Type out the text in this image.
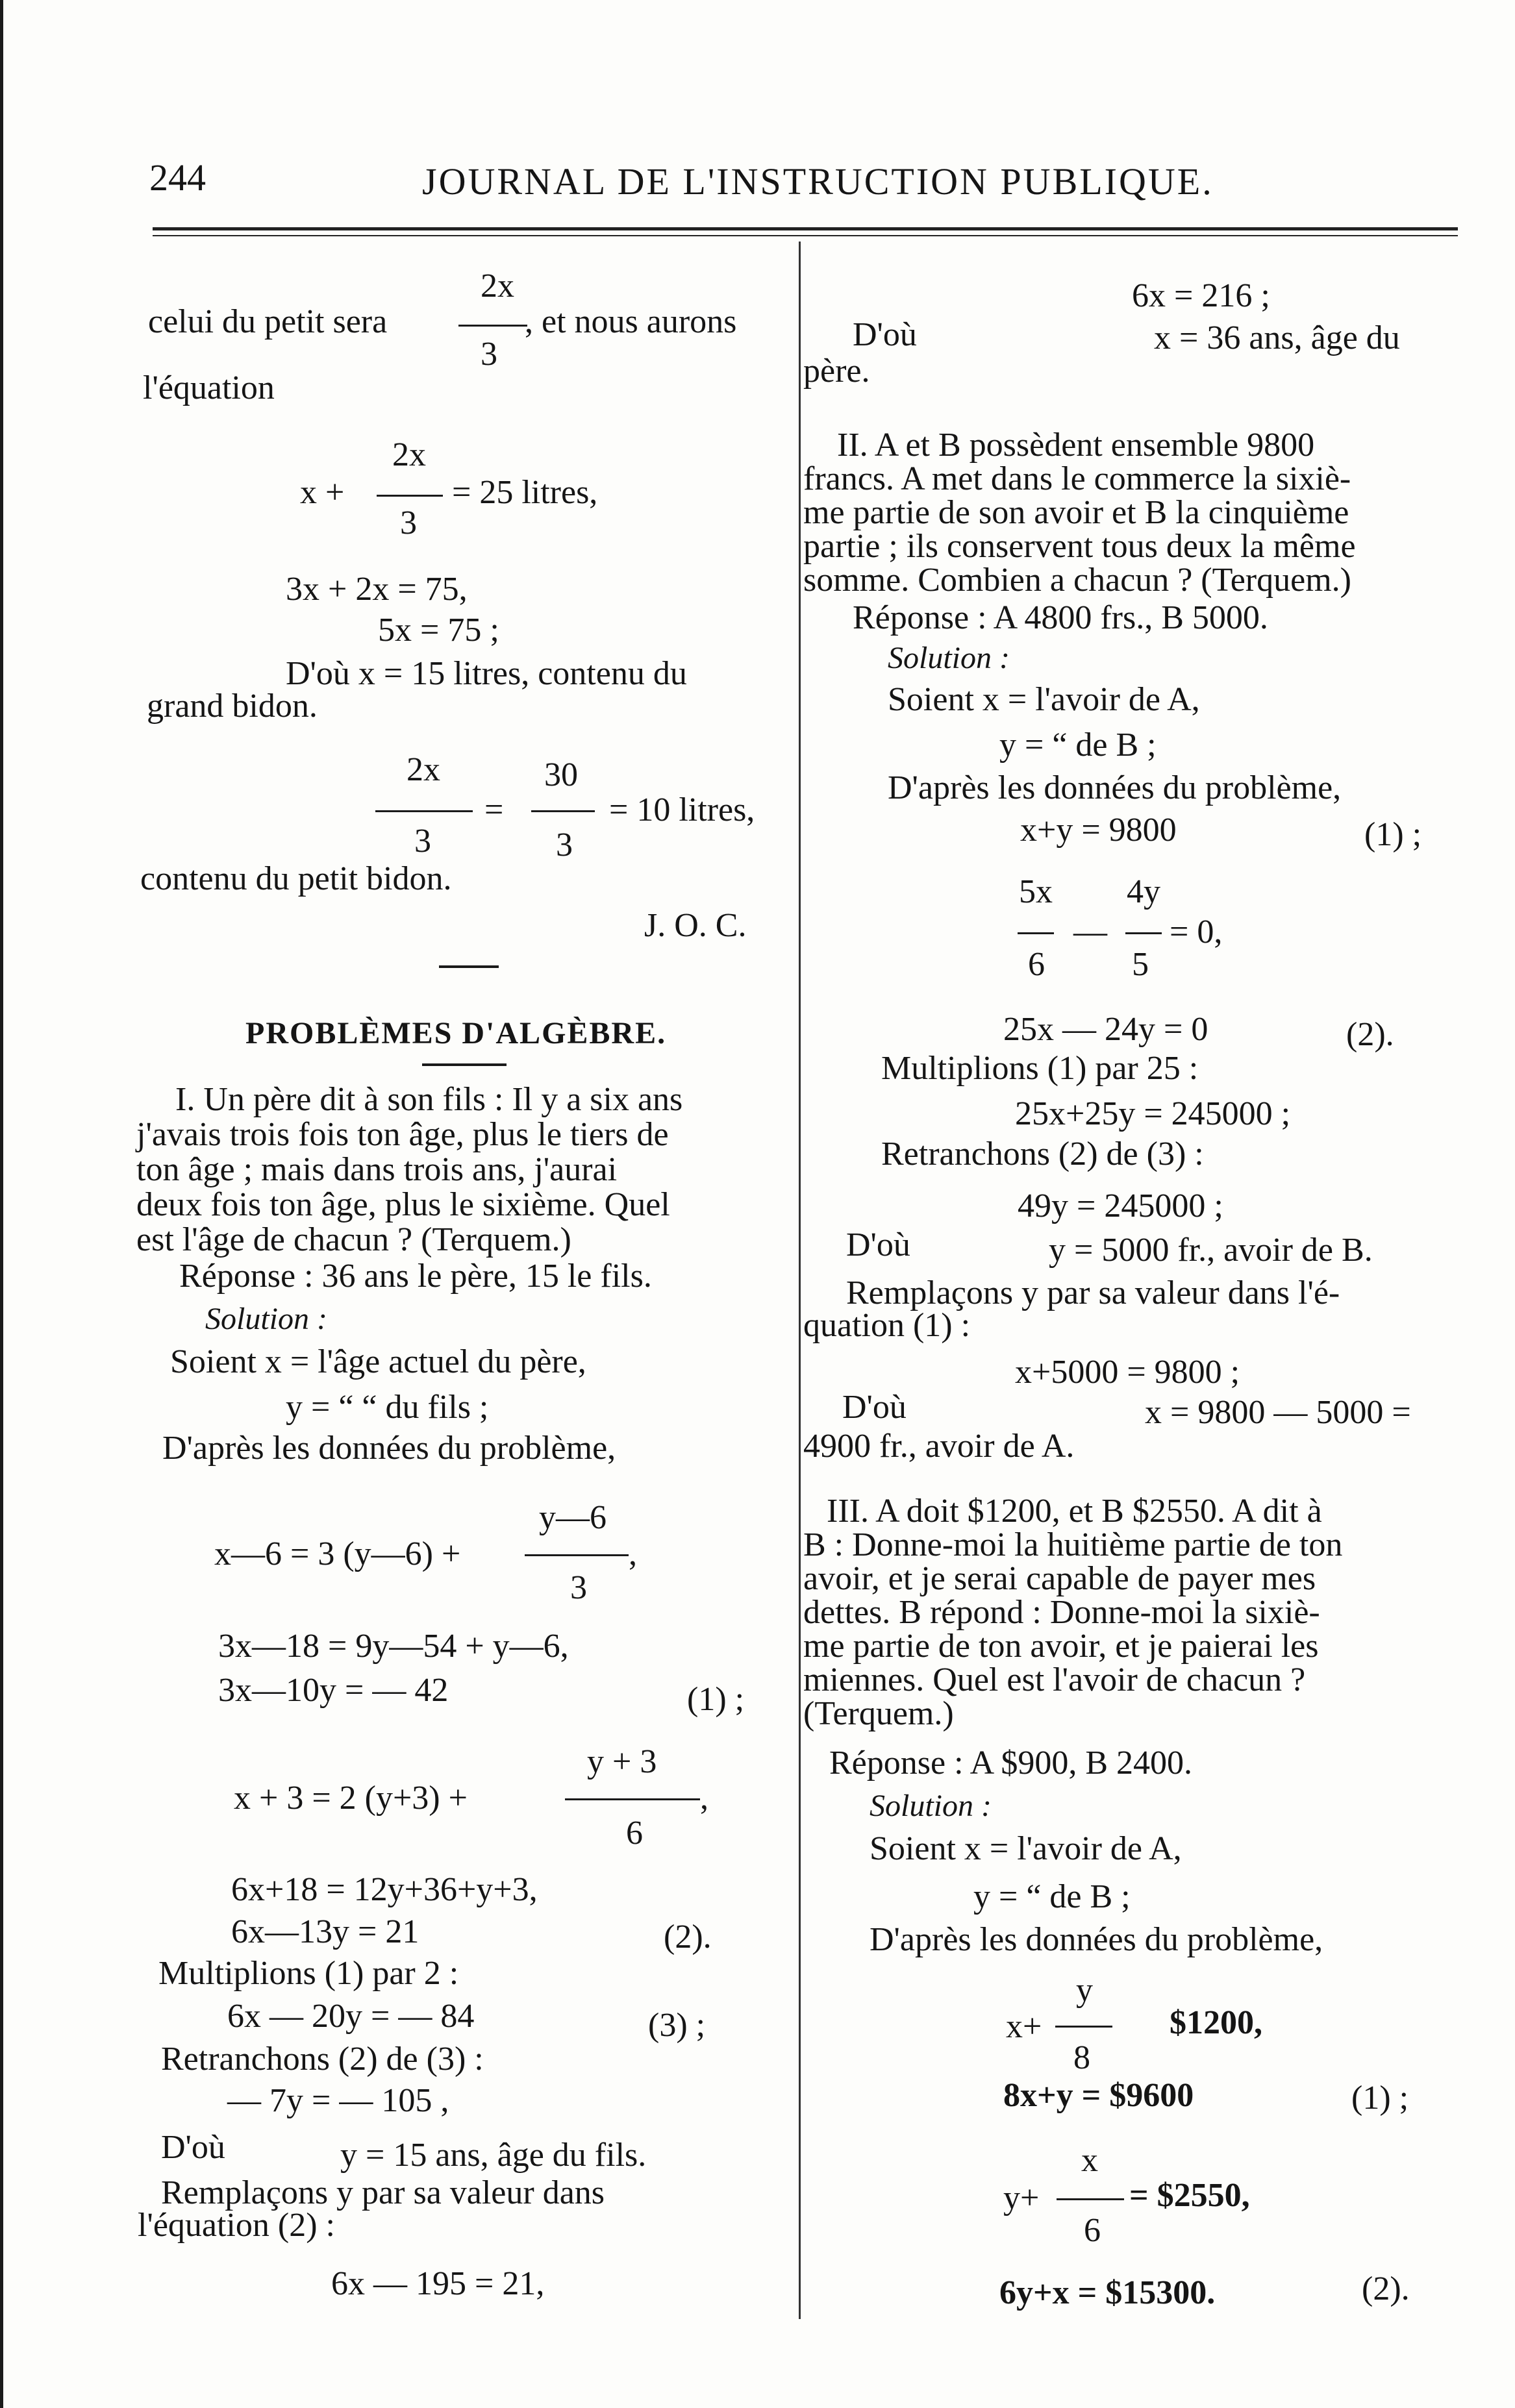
244	JOURNAL DE L'INSTRUCTION PUBLIQUE.
2x
celui du petit sera	, et nous aurons
3
l'équation
2x
x +	= 25 litres,
3
3x + 2x = 75,
5x = 75 ;
D'où x = 15 litres, contenu du
grand bidon.
2x	30
=	= 10 litres,
3	3
contenu du petit bidon.
J. O. C.
PROBLÈMES D'ALGÈBRE.
I. Un père dit à son fils : Il y a six ans
j'avais trois fois ton âge, plus le tiers de
ton âge ; mais dans trois ans, j'aurai
deux fois ton âge, plus le sixième. Quel
est l'âge de chacun ? (Terquem.)
Réponse : 36 ans le père, 15 le fils.
Solution :
Soient x = l'âge actuel du père,
y = “ “ du fils ;
D'après les données du problème,
y—6
x—6 = 3 (y—6) +	,
3
3x—18 = 9y—54 + y—6,
3x—10y = — 42	(1) ;
y + 3
x + 3 = 2 (y+3) +	,
6
6x+18 = 12y+36+y+3,
6x—13y = 21	(2).
Multiplions (1) par 2 :
6x — 20y = — 84	(3) ;
Retranchons (2) de (3) :
— 7y = — 105 ,
D'où	y = 15 ans, âge du fils.
Remplaçons y par sa valeur dans
l'équation (2) :
6x — 195 = 21,
6x = 216 ;
D'où	x = 36 ans, âge du
père.
II. A et B possèdent ensemble 9800
francs. A met dans le commerce la sixiè-
me partie de son avoir et B la cinquième
partie ; ils conservent tous deux la même
somme. Combien a chacun ? (Terquem.)
Réponse : A 4800 frs., B 5000.
Solution :
Soient x = l'avoir de A,
y = “ de B ;
D'après les données du problème,
x+y = 9800	(1) ;
5x 4y
— = 0,
6	5
25x — 24y = 0	(2).
Multiplions (1) par 25 :
25x+25y = 245000 ;
Retranchons (2) de (3) :
49y = 245000 ;
D'où	y = 5000 fr., avoir de B.
Remplaçons y par sa valeur dans l'é-
quation (1) :
x+5000 = 9800 ;
D'où	x = 9800 — 5000 =
4900 fr., avoir de A.
III. A doit $1200, et B $2550. A dit à
B : Donne-moi la huitième partie de ton
avoir, et je serai capable de payer mes
dettes. B répond : Donne-moi la sixiè-
me partie de ton avoir, et je paierai les
miennes. Quel est l'avoir de chacun ?
(Terquem.)
Réponse : A $900, B 2400.
Solution :
Soient x = l'avoir de A,
y = “ de B ;
D'après les données du problème,
y
x+	$1200,
8
8x+y = $9600	(1) ;
x
y+	= $2550,
6
6y+x = $15300.	(2).
